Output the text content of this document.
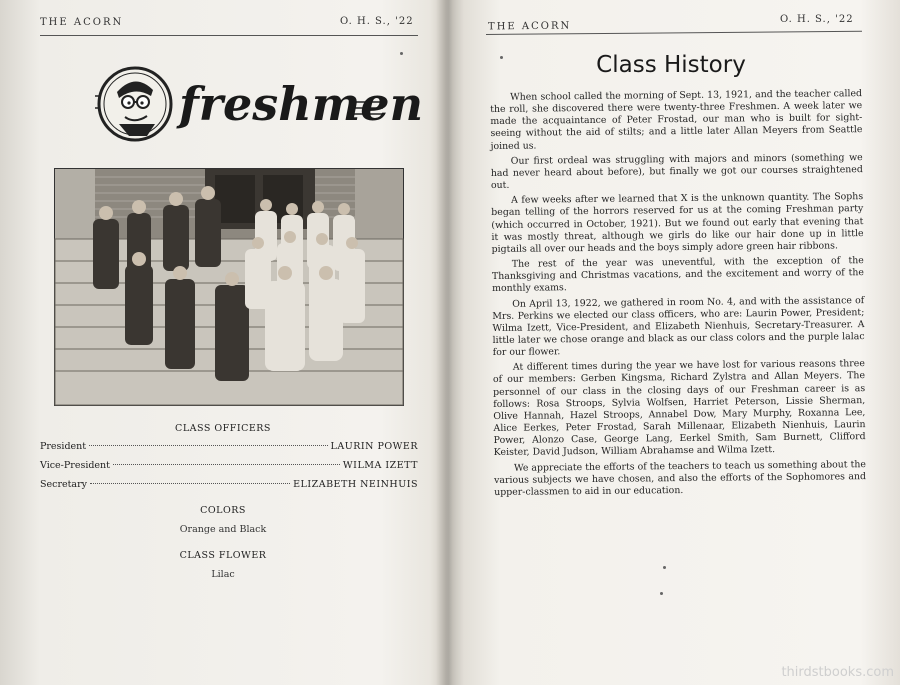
THE ACORN	O. H. S., '22
freshmen
CLASS OFFICERS
President	LAURIN POWER
Vice-President	WILMA IZETT
Secretary	ELIZABETH NEINHUIS
COLORS
Orange and Black
CLASS FLOWER
Lilac
THE ACORN
O. H. S., '22
Class History

When school called the morning of Sept. 13, 1921, and the teacher called the roll, she discovered there were twenty-three Freshmen. A week later we made the acquaintance of Peter Frostad, our man who is built for sight-seeing without the aid of stilts; and a little later Allan Meyers from Seattle joined us.

Our first ordeal was struggling with majors and minors (something we had never heard about before), but finally we got our courses straightened out.

A few weeks after we learned that X is the unknown quantity. The Sophs began telling of the horrors reserved for us at the coming Freshman party (which occurred in October, 1921). But we found out early that evening that it was mostly threat, although we girls do like our hair done up in little pigtails all over our heads and the boys simply adore green hair ribbons.

The rest of the year was uneventful, with the exception of the Thanksgiving and Christmas vacations, and the excitement and worry of the monthly exams.

On April 13, 1922, we gathered in room No. 4, and with the assistance of Mrs. Perkins we elected our class officers, who are: Laurin Power, President; Wilma Izett, Vice-President, and Elizabeth Nienhuis, Secretary-Treasurer. A little later we chose orange and black as our class colors and the purple lalac for our flower.

At different times during the year we have lost for various reasons three of our members: Gerben Kingsma, Richard Zylstra and Allan Meyers. The personnel of our class in the closing days of our Freshman career is as follows: Rosa Stroops, Sylvia Wolfsen, Harriet Peterson, Lissie Sherman, Olive Hannah, Hazel Stroops, Annabel Dow, Mary Murphy, Roxanna Lee, Alice Eerkes, Peter Frostad, Sarah Millenaar, Elizabeth Nienhuis, Laurin Power, Alonzo Case, George Lang, Eerkel Smith, Sam Burnett, Clifford Keister, David Judson, William Abrahamse and Wilma Izett.

We appreciate the efforts of the teachers to teach us something about the various subjects we have chosen, and also the efforts of the Sophomores and upper-classmen to aid in our education.

thirdstbooks.com
